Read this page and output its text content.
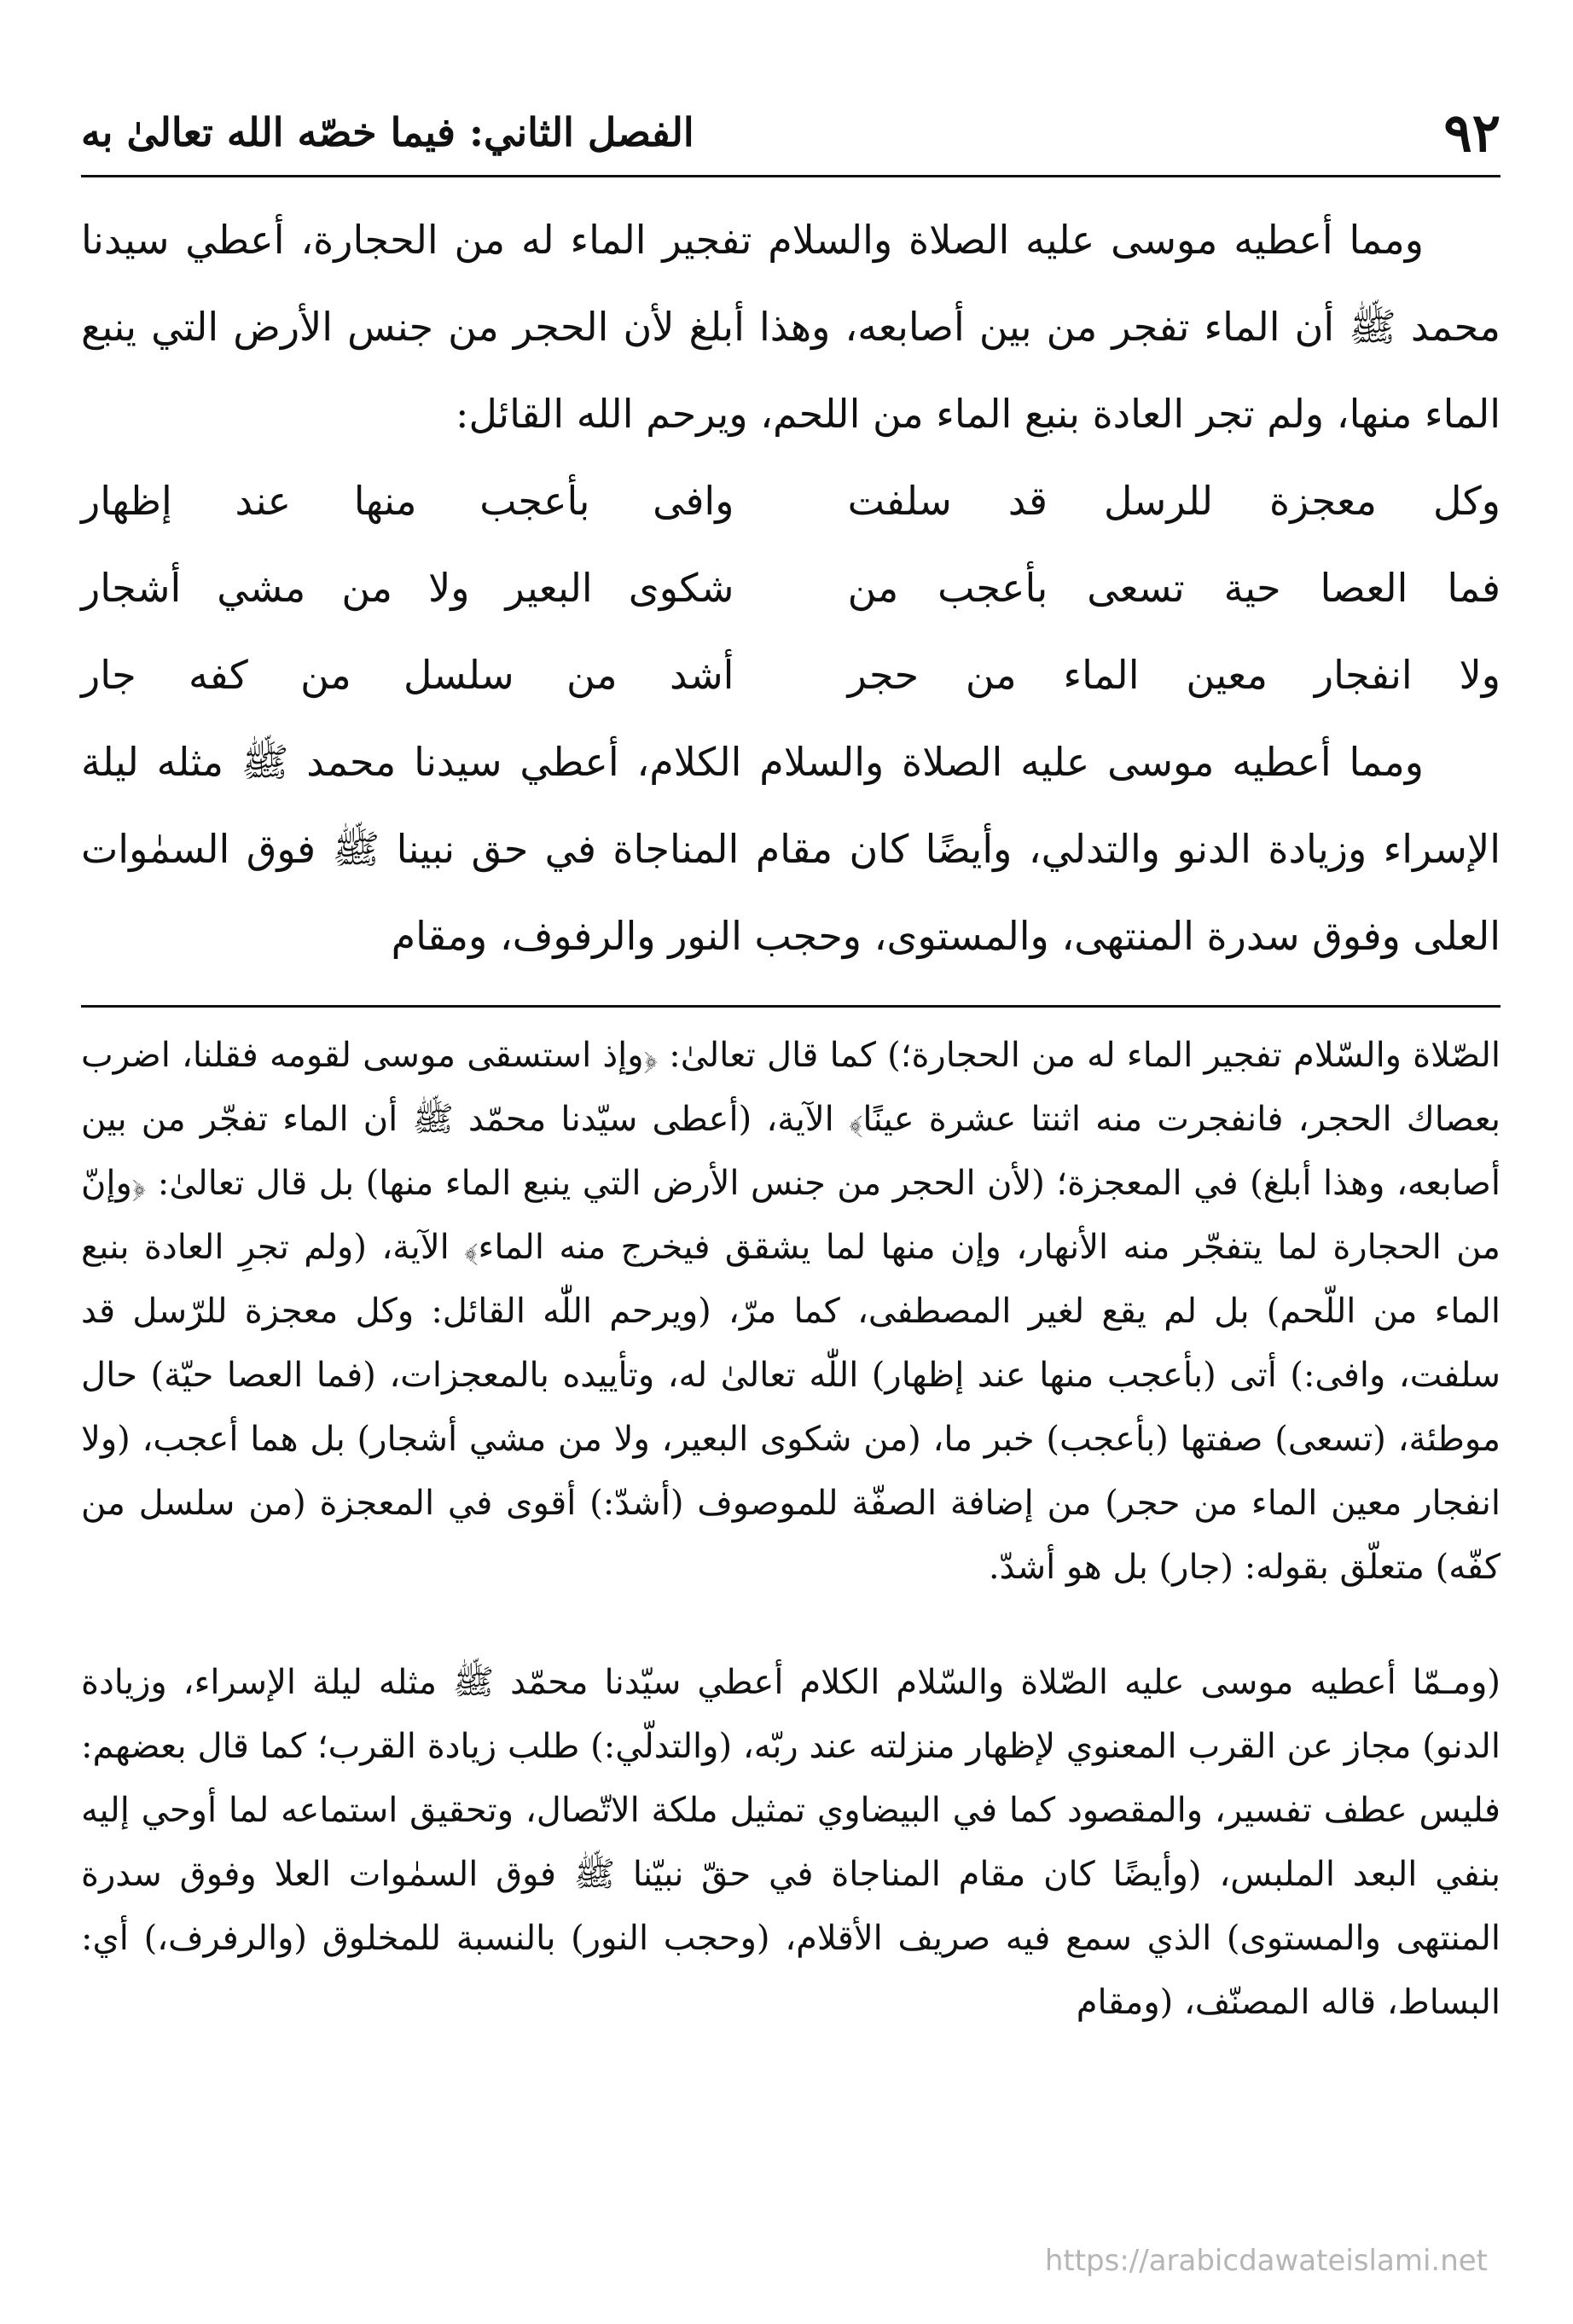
٩٢
الفصل الثاني: فيما خصّه الله تعالىٰ به

ومما أعطيه موسى عليه الصلاة والسلام تفجير الماء له من الحجارة، أعطي سيدنا محمد ﷺ أن الماء تفجر من بين أصابعه، وهذا أبلغ لأن الحجر من جنس الأرض التي ينبع الماء منها، ولم تجر العادة بنبع الماء من اللحم، ويرحم الله القائل:

وكل معجزة للرسل قد سلفت
وافى بأعجب منها عند إظهار
فما العصا حية تسعى بأعجب من
شكوى البعير ولا من مشي أشجار
ولا انفجار معين الماء من حجر
أشد من سلسل من كفه جار

ومما أعطيه موسى عليه الصلاة والسلام الكلام، أعطي سيدنا محمد ﷺ مثله ليلة الإسراء وزيادة الدنو والتدلي، وأيضًا كان مقام المناجاة في حق نبينا ﷺ فوق السمٰوات العلى وفوق سدرة المنتهى، والمستوى، وحجب النور والرفوف، ومقام

الصّلاة والسّلام تفجير الماء له من الحجارة؛) كما قال تعالىٰ: ﴿وإذ استسقى موسى لقومه فقلنا، اضرب بعصاك الحجر، فانفجرت منه اثنتا عشرة عينًا﴾ الآية، (أعطى سيّدنا محمّد ﷺ أن الماء تفجّر من بين أصابعه، وهذا أبلغ) في المعجزة؛ (لأن الحجر من جنس الأرض التي ينبع الماء منها) بل قال تعالىٰ: ﴿وإنّ من الحجارة لما يتفجّر منه الأنهار، وإن منها لما يشقق فيخرج منه الماء﴾ الآية، (ولم تجرِ العادة بنبع الماء من اللّحم) بل لم يقع لغير المصطفى، كما مرّ، (ويرحم اللّٰه القائل: وكل معجزة للرّسل قد سلفت، وافى:) أتى (بأعجب منها عند إظهار) اللّٰه تعالىٰ له، وتأييده بالمعجزات، (فما العصا حيّة) حال موطئة، (تسعى) صفتها (بأعجب) خبر ما، (من شكوى البعير، ولا من مشي أشجار) بل هما أعجب، (ولا انفجار معين الماء من حجر) من إضافة الصفّة للموصوف (أشدّ:) أقوى في المعجزة (من سلسل من كفّه) متعلّق بقوله: (جار) بل هو أشدّ.

(ومـمّا أعطيه موسى عليه الصّلاة والسّلام الكلام أعطي سيّدنا محمّد ﷺ مثله ليلة الإسراء، وزيادة الدنو) مجاز عن القرب المعنوي لإظهار منزلته عند ربّه، (والتدلّي:) طلب زيادة القرب؛ كما قال بعضهم: فليس عطف تفسير، والمقصود كما في البيضاوي تمثيل ملكة الاتّصال، وتحقيق استماعه لما أوحي إليه بنفي البعد الملبس، (وأيضًا كان مقام المناجاة في حقّ نبيّنا ﷺ فوق السمٰوات العلا وفوق سدرة المنتهى والمستوى) الذي سمع فيه صريف الأقلام، (وحجب النور) بالنسبة للمخلوق (والرفرف،) أي: البساط، قاله المصنّف، (ومقام

https://arabicdawateislami.net
